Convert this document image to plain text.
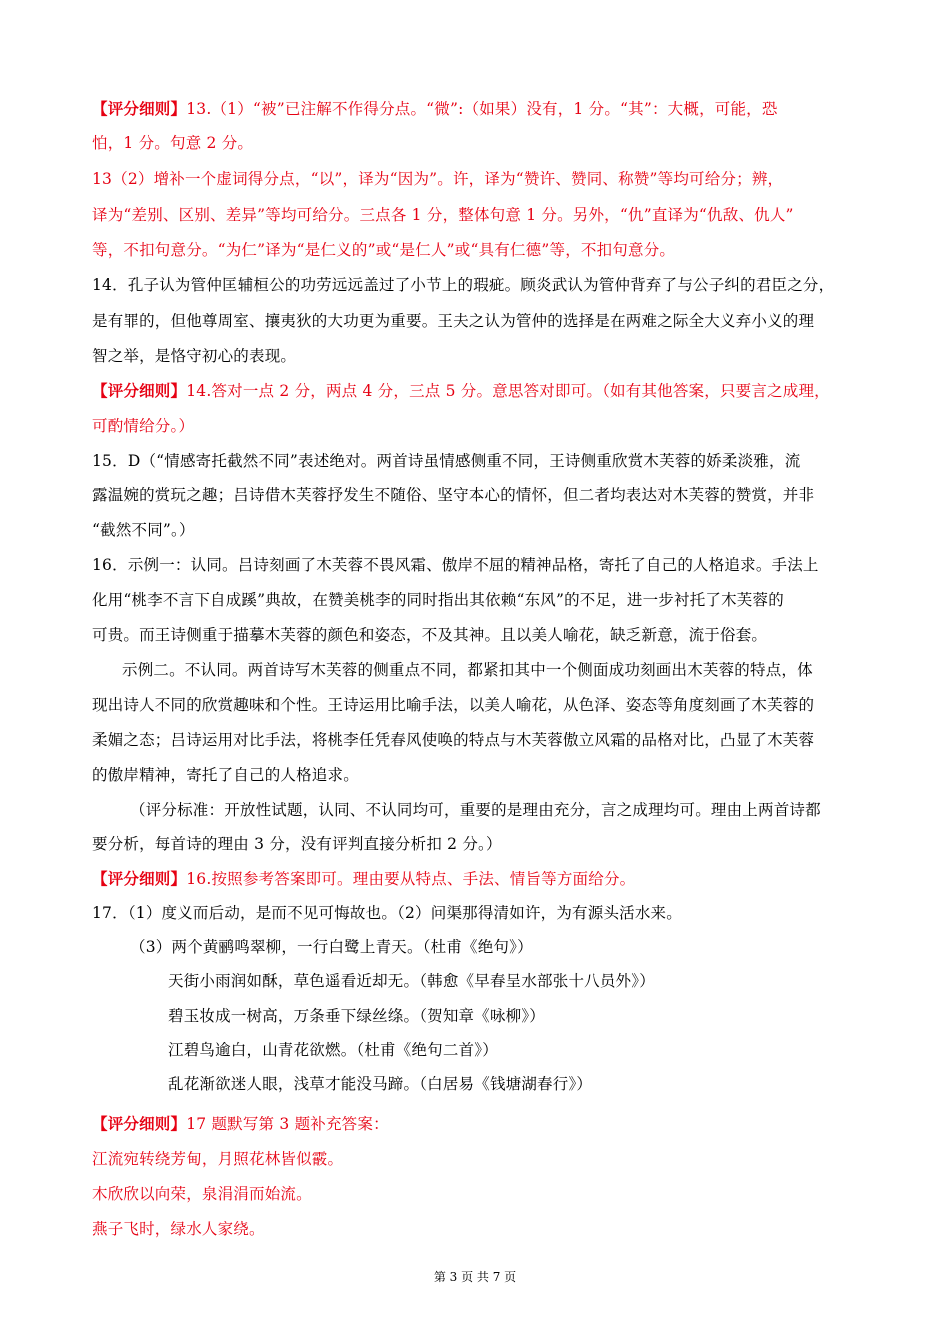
【评分细则】13.（1）“被”已注解不作得分点。“微”:（如果）没有，1 分。“其”：大概，可能，恐
怕，1 分。句意 2 分。
13（2）增补一个虚词得分点，“以”，译为“因为”。许，译为“赞许、赞同、称赞”等均可给分；辨，
译为“差别、区别、差异”等均可给分。三点各 1 分，整体句意 1 分。另外，“仇”直译为“仇敌、仇人”
等，不扣句意分。“为仁”译为“是仁义的”或“是仁人”或“具有仁德”等，不扣句意分。
14．孔子认为管仲匡辅桓公的功劳远远盖过了小节上的瑕疵。顾炎武认为管仲背弃了与公子纠的君臣之分，
是有罪的，但他尊周室、攘夷狄的大功更为重要。王夫之认为管仲的选择是在两难之际全大义弃小义的理
智之举，是恪守初心的表现。
【评分细则】14.答对一点 2 分，两点 4 分，三点 5 分。意思答对即可。（如有其他答案，只要言之成理，
可酌情给分。）
15．D（“情感寄托截然不同”表述绝对。两首诗虽情感侧重不同，王诗侧重欣赏木芙蓉的娇柔淡雅，流
露温婉的赏玩之趣；吕诗借木芙蓉抒发生不随俗、坚守本心的情怀，但二者均表达对木芙蓉的赞赏，并非
“截然不同”。）
16．示例一：认同。吕诗刻画了木芙蓉不畏风霜、傲岸不屈的精神品格，寄托了自己的人格追求。手法上
化用“桃李不言下自成蹊”典故，在赞美桃李的同时指出其依赖“东风”的不足，进一步衬托了木芙蓉的
可贵。而王诗侧重于描摹木芙蓉的颜色和姿态，不及其神。且以美人喻花，缺乏新意，流于俗套。
示例二。不认同。两首诗写木芙蓉的侧重点不同，都紧扣其中一个侧面成功刻画出木芙蓉的特点，体
现出诗人不同的欣赏趣味和个性。王诗运用比喻手法，以美人喻花，从色泽、姿态等角度刻画了木芙蓉的
柔媚之态；吕诗运用对比手法，将桃李任凭春风使唤的特点与木芙蓉傲立风霜的品格对比，凸显了木芙蓉
的傲岸精神，寄托了自己的人格追求。
（评分标准：开放性试题，认同、不认同均可，重要的是理由充分，言之成理均可。理由上两首诗都
要分析，每首诗的理由 3 分，没有评判直接分析扣 2 分。）
【评分细则】16.按照参考答案即可。理由要从特点、手法、情旨等方面给分。
17．（1）度义而后动，是而不见可悔故也。（2）问渠那得清如许，为有源头活水来。
（3）两个黄鹂鸣翠柳，一行白鹭上青天。（杜甫《绝句》）
天街小雨润如酥，草色遥看近却无。（韩愈《早春呈水部张十八员外》）
碧玉妆成一树高，万条垂下绿丝绦。（贺知章《咏柳》）
江碧鸟逾白，山青花欲燃。（杜甫《绝句二首》）
乱花渐欲迷人眼，浅草才能没马蹄。（白居易《钱塘湖春行》）
【评分细则】17 题默写第 3 题补充答案：
江流宛转绕芳甸，月照花林皆似霰。
木欣欣以向荣，泉涓涓而始流。
燕子飞时，绿水人家绕。
第 3 页 共 7 页
